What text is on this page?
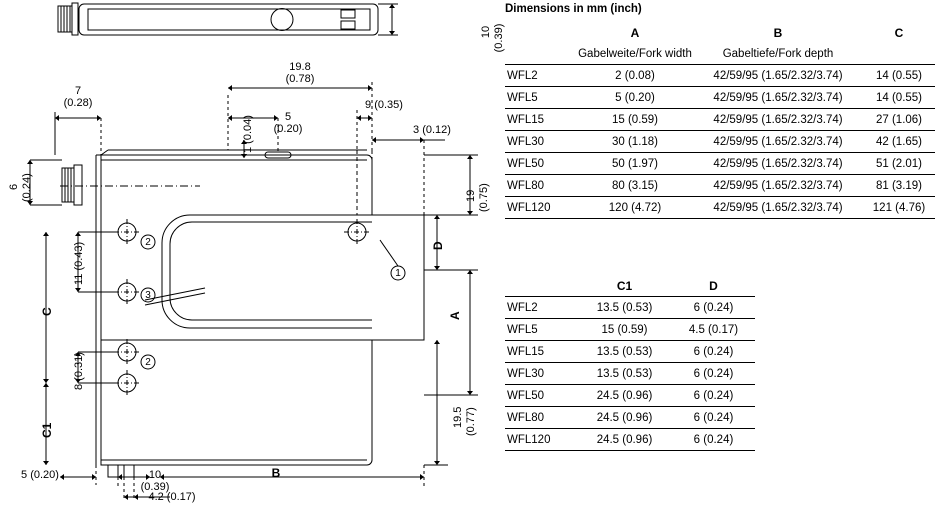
10 (0.39)
19.8
(0.78)
7
(0.28)	9 (0.35)
3 (0.12)
5
(0.20)
1 (0.04)
6 (0.24)	19 (0.75)
19.5 (0.77)
11 (0.43)
8 (0.31)
5 (0.20)	10
(0.39)
4.2 (0.17)
A
B
C
C1
D
1
2
3
2
Dimensions in mm (inch)
	A	B	C
	Gabelweite/Fork width	Gabeltiefe/Fork depth	
WFL2	2 (0.08)	42/59/95 (1.65/2.32/3.74)	14 (0.55)
WFL5	5 (0.20)	42/59/95 (1.65/2.32/3.74)	14 (0.55)
WFL15	15 (0.59)	42/59/95 (1.65/2.32/3.74)	27 (1.06)
WFL30	30 (1.18)	42/59/95 (1.65/2.32/3.74)	42 (1.65)
WFL50	50 (1.97)	42/59/95 (1.65/2.32/3.74)	51 (2.01)
WFL80	80 (3.15)	42/59/95 (1.65/2.32/3.74)	81 (3.19)
WFL120	120 (4.72)	42/59/95 (1.65/2.32/3.74)	121 (4.76)
	C1	D
WFL2	13.5 (0.53)	6 (0.24)
WFL5	15 (0.59)	4.5 (0.17)
WFL15	13.5 (0.53)	6 (0.24)
WFL30	13.5 (0.53)	6 (0.24)
WFL50	24.5 (0.96)	6 (0.24)
WFL80	24.5 (0.96)	6 (0.24)
WFL120	24.5 (0.96)	6 (0.24)
